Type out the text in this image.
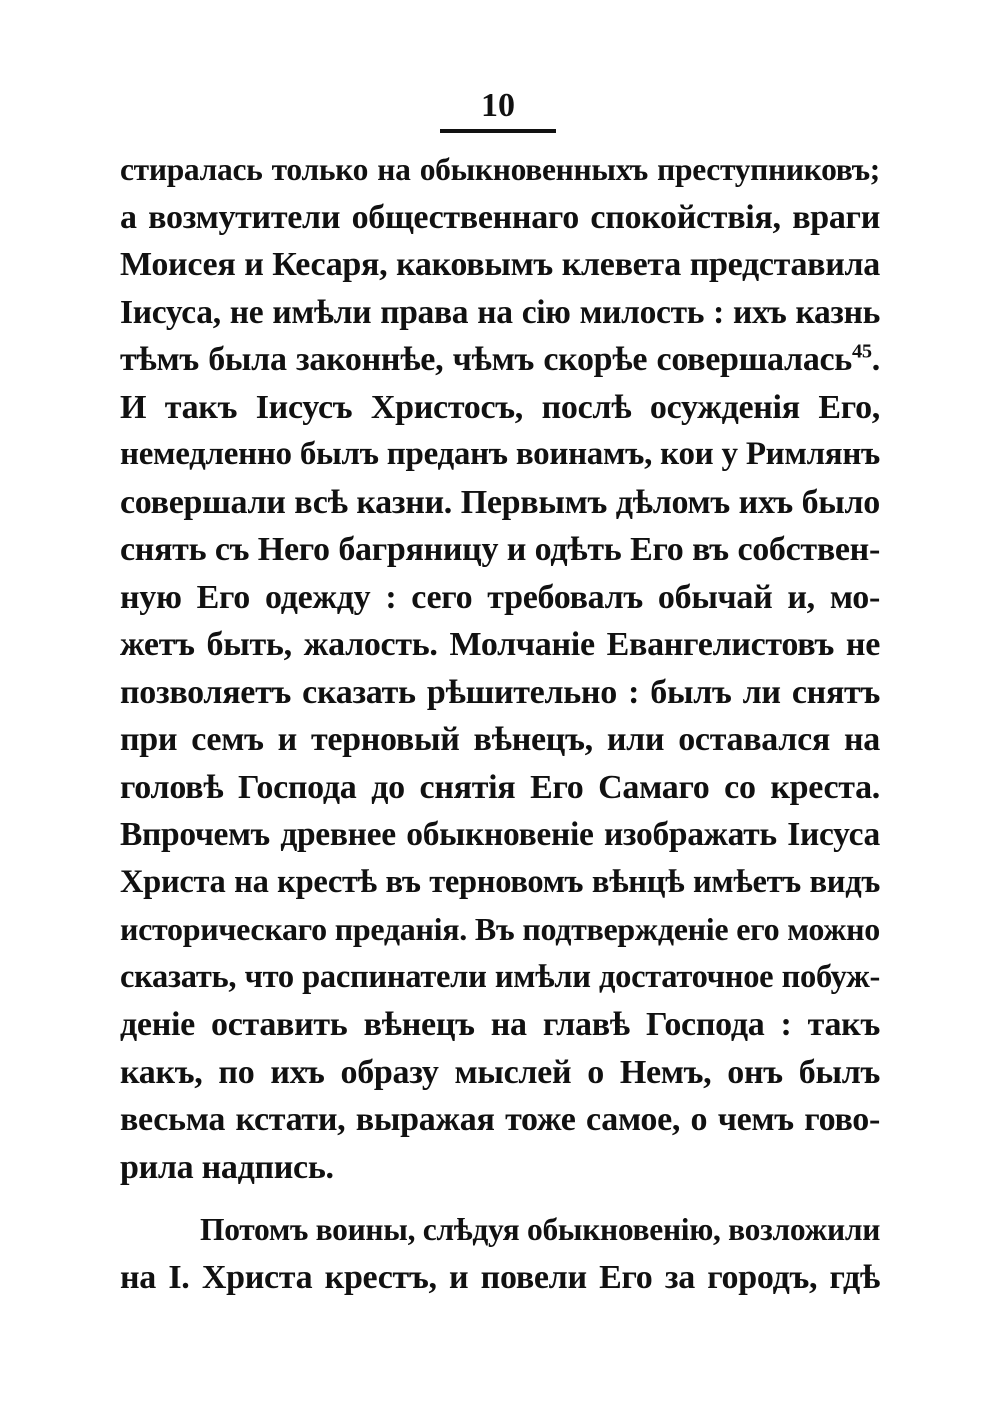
10
стиралась только на обыкновенныхъ преступниковъ;
а возмутители общественнаго спокойствія, враги
Моисея и Кесаря, каковымъ клевета представила
Іисуса, не имѣли права на сію милость : ихъ казнь
тѣмъ была законнѣе, чѣмъ скорѣе совершалась$^{45}$.
И такъ Іисусъ Христосъ, послѣ осужденія Его,
немедленно былъ преданъ воинамъ, кои у Римлянъ
совершали всѣ казни. Первымъ дѣломъ ихъ было
снять съ Него багряницу и одѣть Его въ собствен-
ную Его одежду : сего требовалъ обычай и, мо-
жетъ быть, жалость. Молчаніе Евангелистовъ не
позволяетъ сказать рѣшительно : былъ ли снятъ
при семъ и терновый вѣнецъ, или оставался на
головѣ Господа до снятія Его Самаго со креста.
Впрочемъ древнее обыкновеніе изображать Іисуса
Христа на крестѣ въ терновомъ вѣнцѣ имѣетъ видъ
историческаго преданія. Въ подтвержденіе его можно
сказать, что распинатели имѣли достаточное побуж-
деніе оставить вѣнецъ на главѣ Господа : такъ
какъ, по ихъ образу мыслей о Немъ, онъ былъ
весьма кстати, выражая тоже самое, о чемъ гово-
рила надпись.
Потомъ воины, слѣдуя обыкновенію, возложили
на І. Христа крестъ, и повели Его за городъ, гдѣ
